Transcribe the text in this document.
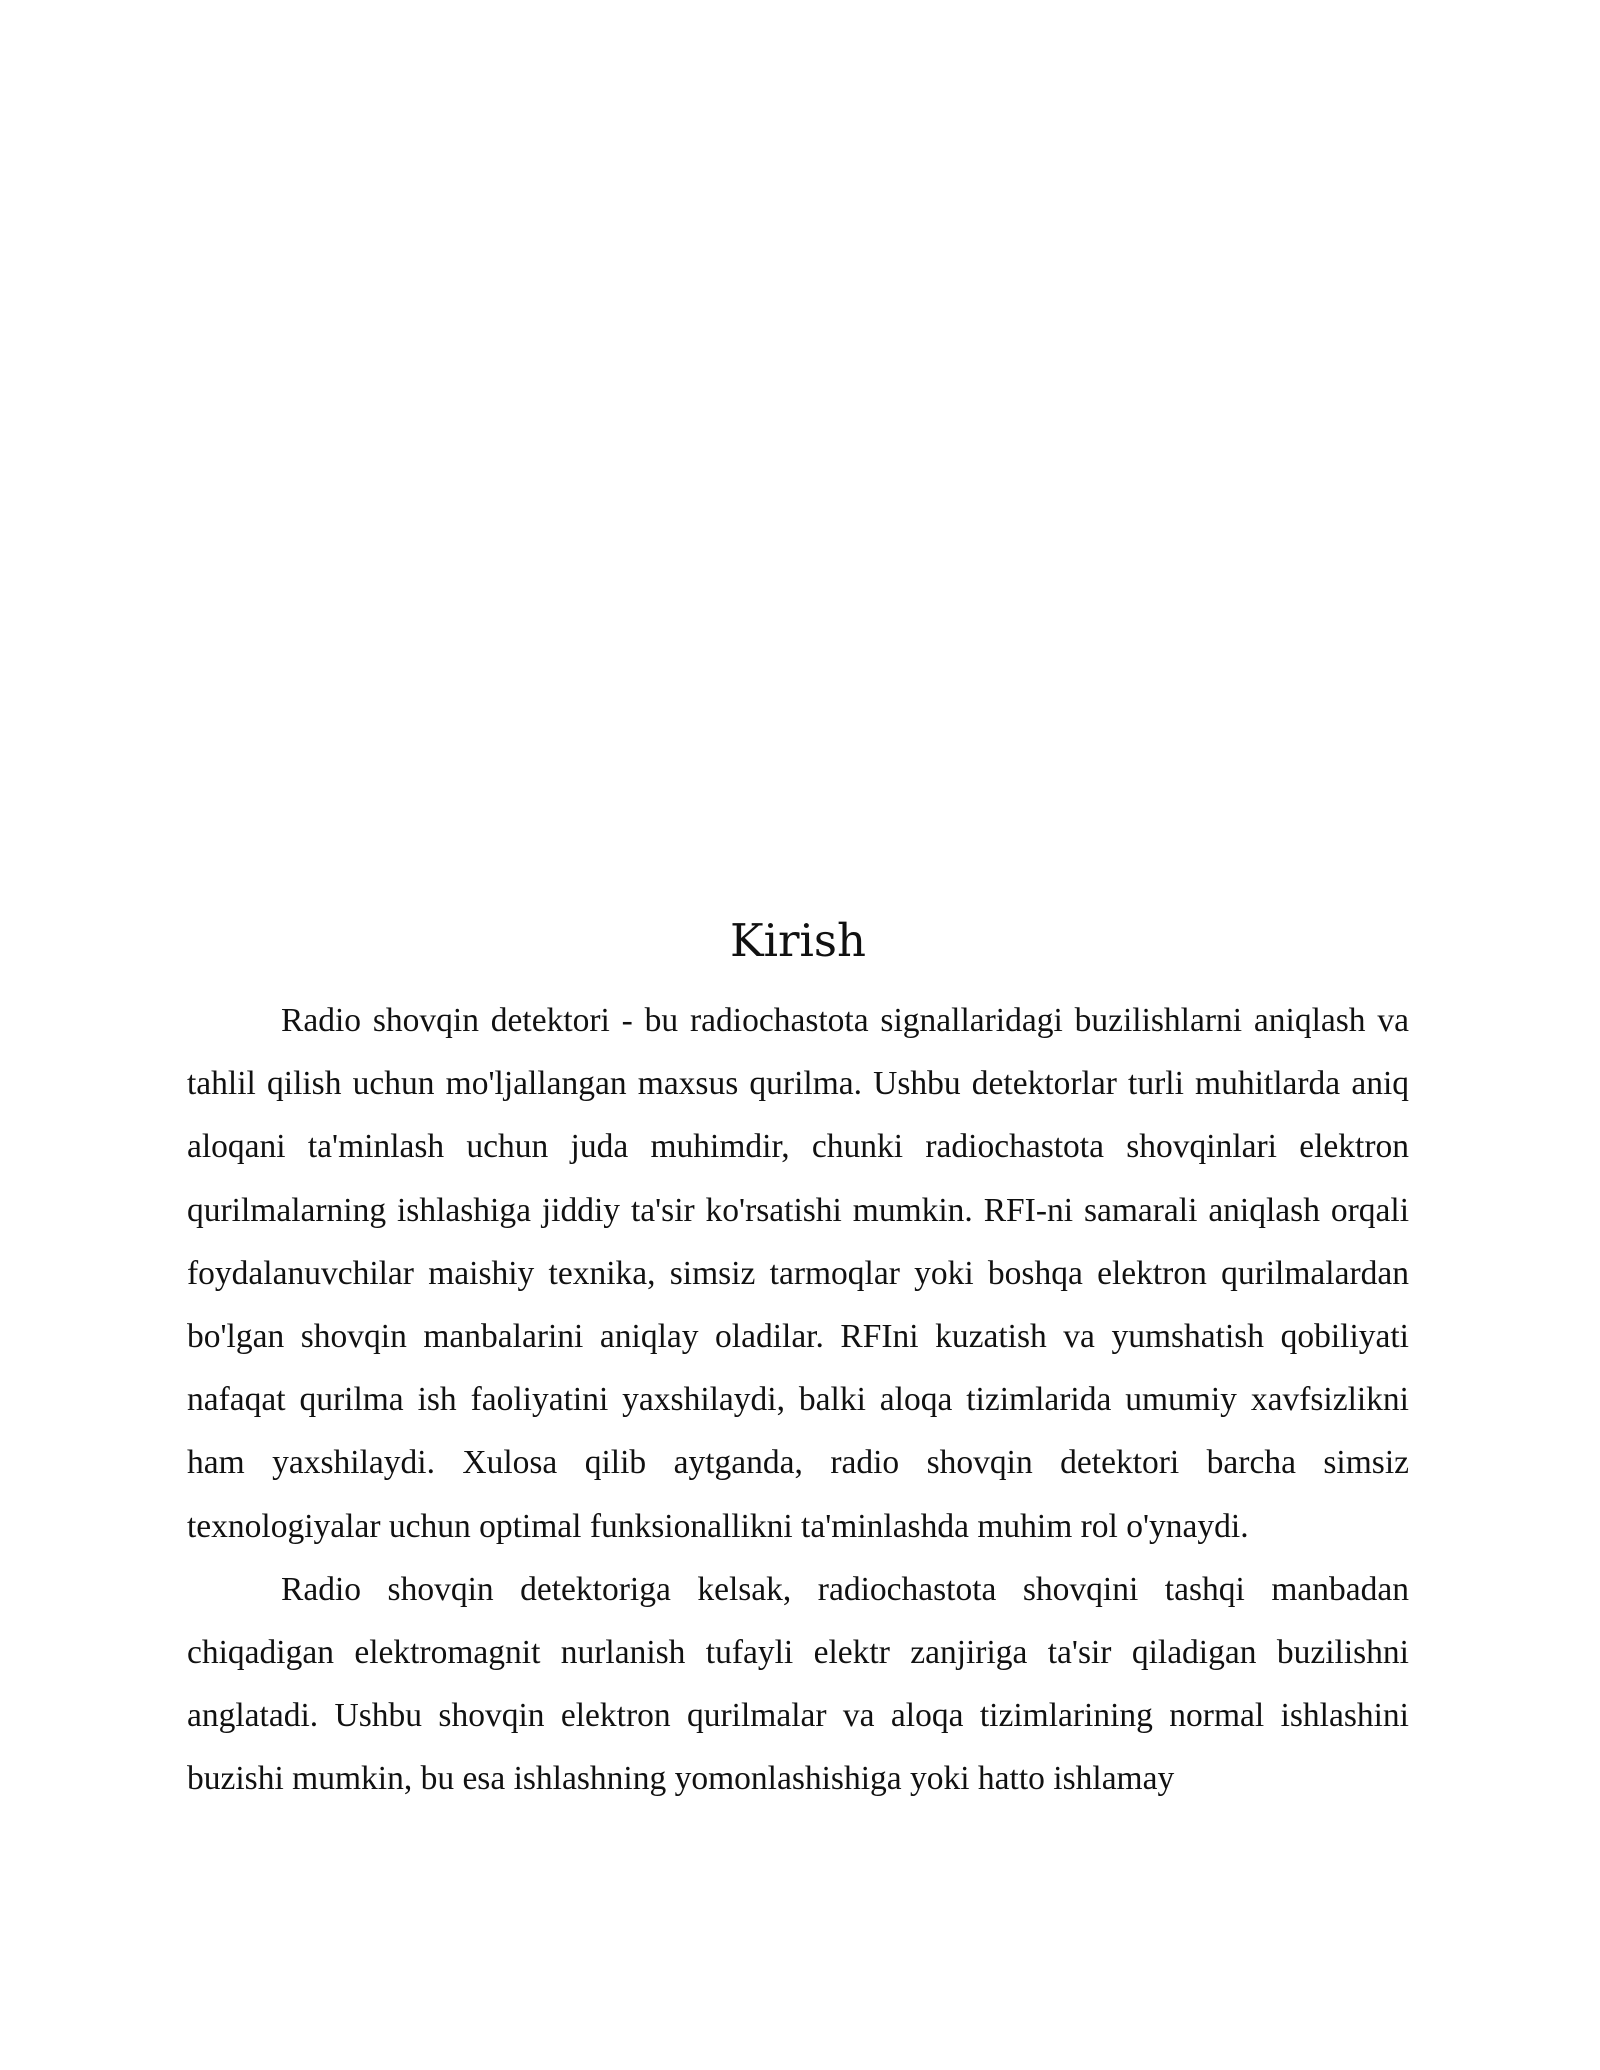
Kirish

Radio shovqin detektori - bu radiochastota signallaridagi buzilishlarni aniqlash va tahlil qilish uchun mo'ljallangan maxsus qurilma. Ushbu detektorlar turli muhitlarda aniq aloqani ta'minlash uchun juda muhimdir, chunki radiochastota shovqinlari elektron qurilmalarning ishlashiga jiddiy ta'sir ko'rsatishi mumkin. RFI-ni samarali aniqlash orqali foydalanuvchilar maishiy texnika, simsiz tarmoqlar yoki boshqa elektron qurilmalardan bo'lgan shovqin manbalarini aniqlay oladilar. RFIni kuzatish va yumshatish qobiliyati nafaqat qurilma ish faoliyatini yaxshilaydi, balki aloqa tizimlarida umumiy xavfsizlikni ham yaxshilaydi. Xulosa qilib aytganda, radio shovqin detektori barcha simsiz texnologiyalar uchun optimal funksionallikni ta'minlashda muhim rol o'ynaydi.

Radio shovqin detektoriga kelsak, radiochastota shovqini tashqi manbadan chiqadigan elektromagnit nurlanish tufayli elektr zanjiriga ta'sir qiladigan buzilishni anglatadi. Ushbu shovqin elektron qurilmalar va aloqa tizimlarining normal ishlashini buzishi mumkin, bu esa ishlashning yomonlashishiga yoki hatto ishlamay
